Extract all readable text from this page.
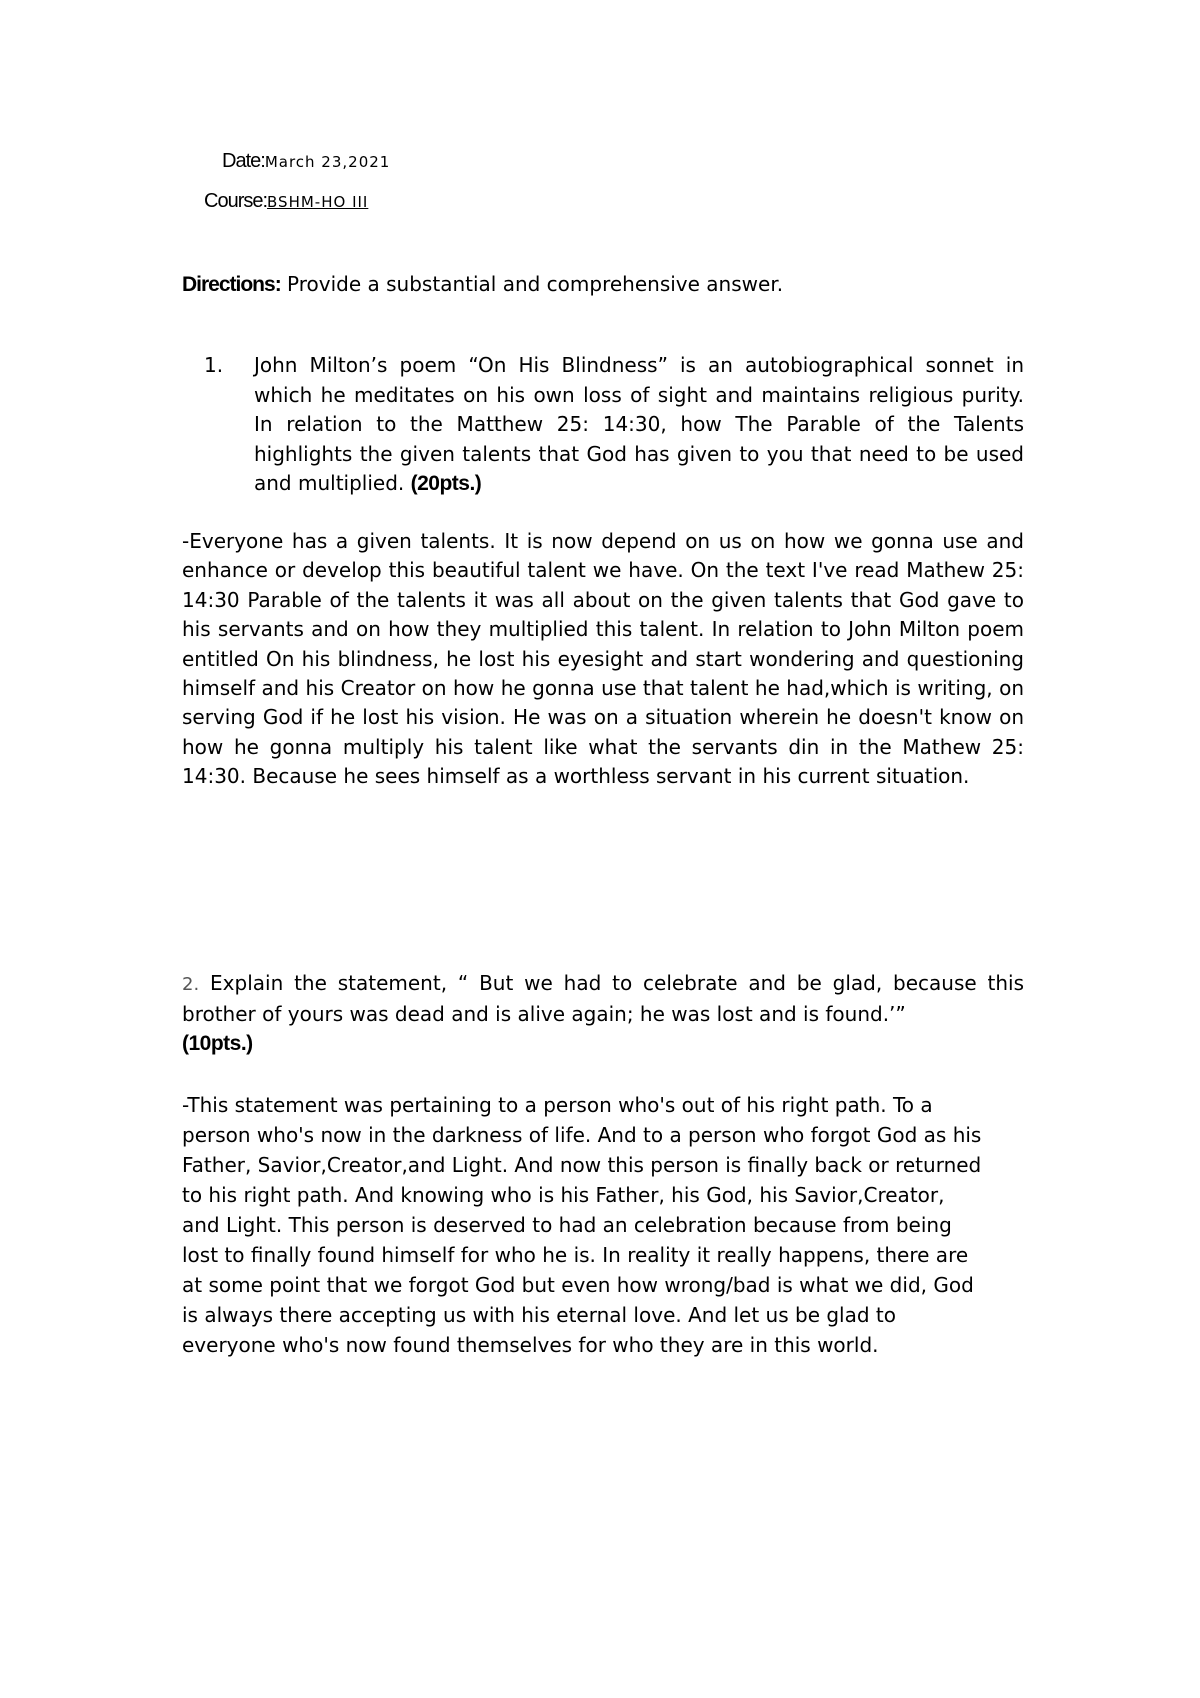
Date:March 23,2021
Course:BSHM-HO III
Directions: Provide a substantial and comprehensive answer.
1. John Milton’s poem “On His Blindness” is an autobiographical sonnet in which he meditates on his own loss of sight and maintains religious purity. In relation to the Matthew 25: 14:30, how The Parable of the Talents highlights the given talents that God has given to you that need to be used and multiplied. (20pts.)
-Everyone has a given talents. It is now depend on us on how we gonna use and enhance or develop this beautiful talent we have. On the text I've read Mathew 25: 14:30 Parable of the talents it was all about on the given talents that God gave to his servants and on how they multiplied this talent. In relation to John Milton poem entitled On his blindness, he lost his eyesight and start wondering and questioning himself and his Creator on how he gonna use that talent he had,which is writing, on serving God if he lost his vision. He was on a situation wherein he doesn't know on how he gonna multiply his talent like what the servants din in the Mathew 25: 14:30. Because he sees himself as a worthless servant in his current situation.
2. Explain the statement, “ But we had to celebrate and be glad, because this brother of yours was dead and is alive again; he was lost and is found.’”
(10pts.)
-This statement was pertaining to a person who's out of his right path. To a person who's now in the darkness of life. And to a person who forgot God as his Father, Savior,Creator,and Light. And now this person is finally back or returned to his right path. And knowing who is his Father, his God, his Savior,Creator, and Light. This person is deserved to had an celebration because from being lost to finally found himself for who he is. In reality it really happens, there are at some point that we forgot God but even how wrong/bad is what we did, God is always there accepting us with his eternal love. And let us be glad to everyone who's now found themselves for who they are in this world.
